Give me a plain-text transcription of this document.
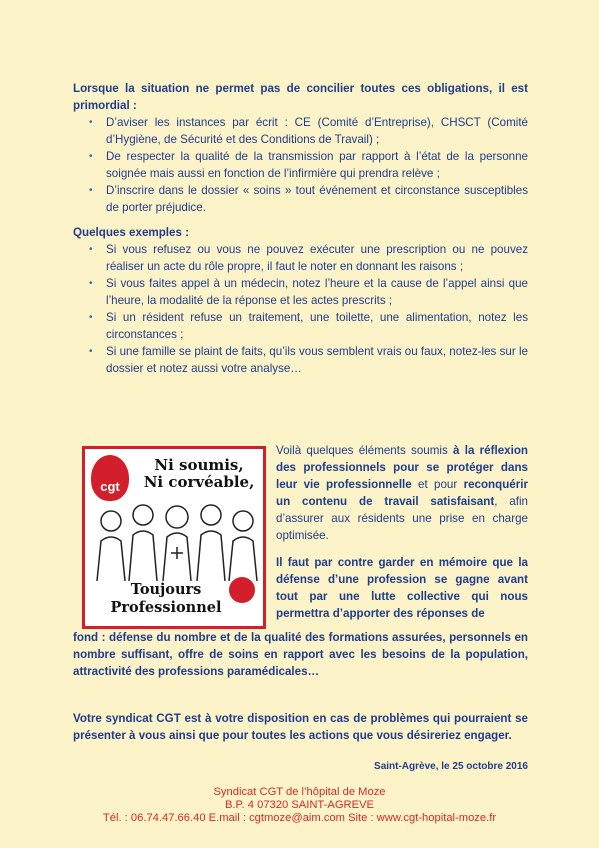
Lorsque la situation ne permet pas de concilier toutes ces obligations, il est primordial :

• D’aviser les instances par écrit : CE (Comité d’Entreprise), CHSCT (Comité d’Hygiène, de Sécurité et des Conditions de Travail) ;
• De respecter la qualité de la transmission par rapport à l’état de la personne soignée mais aussi en fonction de l’infirmière qui prendra relève ;
• D’inscrire dans le dossier « soins » tout événement et circonstance susceptibles de porter préjudice.

Quelques exemples :

• Si vous refusez ou vous ne pouvez exécuter une prescription ou ne pouvez réaliser un acte du rôle propre, il faut le noter en donnant les raisons ;
• Si vous faites appel à un médecin, notez l’heure et la cause de l’appel ainsi que l’heure, la modalité de la réponse et les actes prescrits ;
• Si un résident refuse un traitement, une toilette, une alimentation, notez les circonstances ;
• Si une famille se plaint de faits, qu’ils vous semblent vrais ou faux, notez-les sur le dossier et notez aussi votre analyse…
cgt
Ni soumis,
Ni corvéable,
Toujours
Professionnel

Voilà quelques éléments soumis à la réflexion des professionnels pour se protéger dans leur vie professionnelle et pour reconquérir un contenu de travail satisfaisant, afin d’assurer aux résidents une prise en charge optimisée.

Il faut par contre garder en mémoire que la défense d’une profession se gagne avant tout par une lutte collective qui nous permettra d’apporter des réponses de

fond : défense du nombre et de la qualité des formations assurées, personnels en nombre suffisant, offre de soins en rapport avec les besoins de la population, attractivité des professions paramédicales…

Votre syndicat CGT est à votre disposition en cas de problèmes qui pourraient se présenter à vous ainsi que pour toutes les actions que vous désireriez engager.

Saint-Agrève, le 25 octobre 2016

Syndicat CGT de l’hôpital de Moze
B.P. 4 07320 SAINT-AGREVE
Tél. : 06.74.47.66.40 E.mail : cgtmoze@aim.com Site : www.cgt-hopital-moze.fr
